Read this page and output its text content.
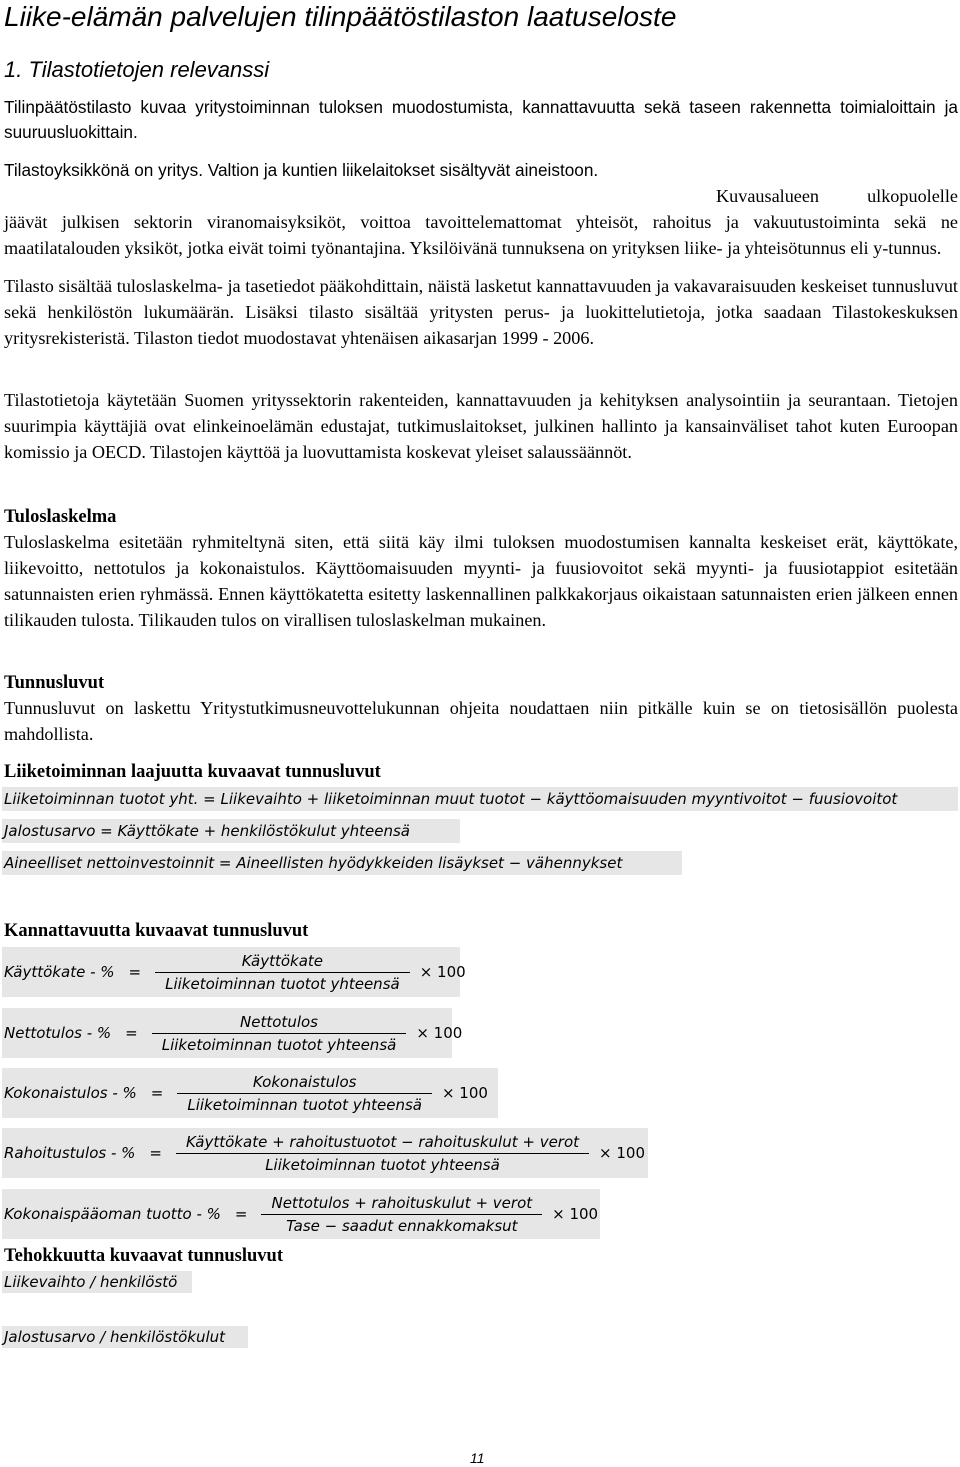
Liike-elämän palvelujen tilinpäätöstilaston laatuseloste
1. Tilastotietojen relevanssi
Tilinpäätöstilasto kuvaa yritystoiminnan tuloksen muodostumista, kannattavuutta sekä taseen rakennetta toimialoittain ja suuruusluokittain.
Tilastoyksikkönä on yritys. Valtion ja kuntien liikelaitokset sisältyvät aineistoon.
Kuvausalueen ulkopuolelle jäävät julkisen sektorin viranomaisyksiköt, voittoa tavoittelemattomat yhteisöt, rahoitus ja vakuutustoiminta sekä ne maatilatalouden yksiköt, jotka eivät toimi työnantajina. Yksilöivänä tunnuksena on yrityksen liike- ja yhteisötunnus eli y-tunnus.
Tilasto sisältää tuloslaskelma- ja tasetiedot pääkohdittain, näistä lasketut kannattavuuden ja vakavaraisuuden keskeiset tunnusluvut sekä henkilöstön lukumäärän. Lisäksi tilasto sisältää yritysten perus- ja luokittelutietoja, jotka saadaan Tilastokeskuksen yritysrekisteristä. Tilaston tiedot muodostavat yhtenäisen aikasarjan 1999 - 2006.
Tilastotietoja käytetään Suomen yrityssektorin rakenteiden, kannattavuuden ja kehityksen analysointiin ja seurantaan. Tietojen suurimpia käyttäjiä ovat elinkeinoelämän edustajat, tutkimuslaitokset, julkinen hallinto ja kansainväliset tahot kuten Euroopan komissio ja OECD. Tilastojen käyttöä ja luovuttamista koskevat yleiset salaussäännöt.
Tuloslaskelma
Tuloslaskelma esitetään ryhmiteltynä siten, että siitä käy ilmi tuloksen muodostumisen kannalta keskeiset erät, käyttökate, liikevoitto, nettotulos ja kokonaistulos. Käyttöomaisuuden myynti- ja fuusiovoitot sekä myynti- ja fuusiotappiot esitetään satunnaisten erien ryhmässä. Ennen käyttökatetta esitetty laskennallinen palkkakorjaus oikaistaan satunnaisten erien jälkeen ennen tilikauden tulosta. Tilikauden tulos on virallisen tuloslaskelman mukainen.
Tunnusluvut
Tunnusluvut on laskettu Yritystutkimusneuvottelukunnan ohjeita noudattaen niin pitkälle kuin se on tietosisällön puolesta mahdollista.
Liiketoiminnan laajuutta kuvaavat tunnusluvut
Liiketoiminnan tuotot yht. = Liikevaihto + liiketoiminnan muut tuotot − käyttöomaisuuden myyntivoitot − fuusiovoitot
Jalostusarvo = Käyttökate + henkilöstökulut yhteensä
Aineelliset nettoinvestoinnit = Aineellisten hyödykkeiden lisäykset − vähennykset
Kannattavuutta kuvaavat tunnusluvut
Käyttökate - % = $\frac{\text{Käyttökate}}{\text{Liiketoiminnan tuotot yhteensä}} \times 100$
Nettotulos - % = $\frac{\text{Nettotulos}}{\text{Liiketoiminnan tuotot yhteensä}} \times 100$
Kokonaistulos - % = $\frac{\text{Kokonaistulos}}{\text{Liiketoiminnan tuotot yhteensä}} \times 100$
Rahoitustulos - % = $\frac{\text{Käyttökate + rahoitustuotot − rahoituskulut + verot}}{\text{Liiketoiminnan tuotot yhteensä}} \times 100$
Kokonaispääoman tuotto - % = $\frac{\text{Nettotulos + rahoituskulut + verot}}{\text{Tase − saadut ennakkomaksut}} \times 100$
Tehokkuutta kuvaavat tunnusluvut
Liikevaihto / henkilöstö
Jalostusarvo / henkilöstökulut
11
